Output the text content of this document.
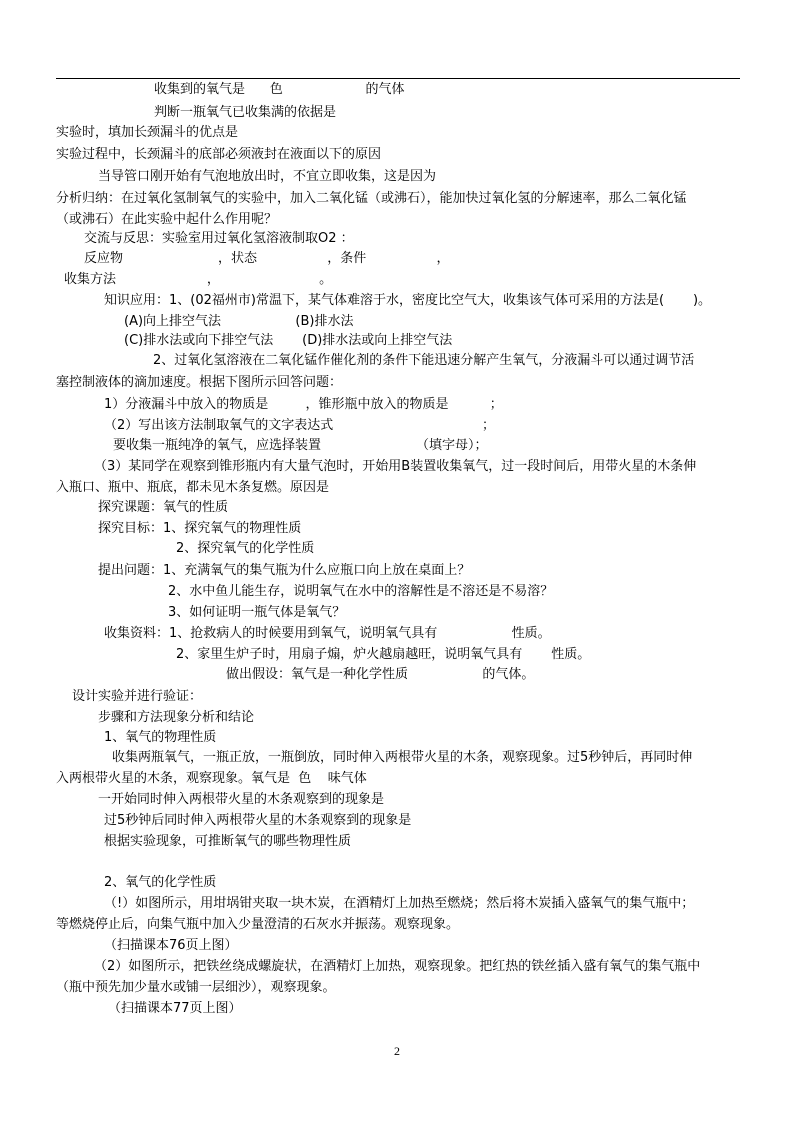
收集到的氧气是      色                    的气体
判断一瓶氧气已收集满的依据是
实验时，填加长颈漏斗的优点是
实验过程中，长颈漏斗的底部必须液封在液面以下的原因
当导管口刚开始有气泡地放出时，不宜立即收集，这是因为
分析归纳：在过氧化氢制氧气的实验中，加入二氧化锰（或沸石），能加快过氧化氢的分解速率，那么二氧化锰
（或沸石）在此实验中起什么作用呢？
交流与反思：实验室用过氧化氢溶液制取O2 ：
反应物                       ，状态                 ，条件                 ，
收集方法                      ，                        。
知识应用：1、(02福州市)常温下，某气体难溶于水，密度比空气大，收集该气体可采用的方法是(       )。
(A)向上排空气法                  (B)排水法
(C)排水法或向下排空气法       (D)排水法或向上排空气法
2、过氧化氢溶液在二氧化锰作催化剂的条件下能迅速分解产生氧气，分液漏斗可以通过调节活
塞控制液体的滴加速度。根据下图所示回答问题：
1）分液漏斗中放入的物质是         ，锥形瓶中放入的物质是          ；
（2）写出该方法制取氧气的文字表达式                                    ；
要收集一瓶纯净的氧气，应选择装置                       （填字母）；
（3）某同学在观察到锥形瓶内有大量气泡时，开始用B装置收集氧气，过一段时间后，用带火星的木条伸
入瓶口、瓶中、瓶底，都未见木条复燃。原因是
探究课题：氧气的性质
探究目标：1、探究氧气的物理性质
2、探究氧气的化学性质
提出问题：1、充满氧气的集气瓶为什么应瓶口向上放在桌面上？
2、水中鱼儿能生存，说明氧气在水中的溶解性是不溶还是不易溶？
3、如何证明一瓶气体是氧气？
收集资料：1、抢救病人的时候要用到氧气，说明氧气具有                  性质。
2、家里生炉子时，用扇子煽，炉火越扇越旺，说明氧气具有       性质。
做出假设：氧气是一种化学性质                  的气体。
设计实验并进行验证：
步骤和方法现象分析和结论
1、氧气的物理性质
收集两瓶氧气，一瓶正放，一瓶倒放，同时伸入两根带火星的木条，观察现象。过5秒钟后，再同时伸
入两根带火星的木条，观察现象。氧气是  色    味气体
一开始同时伸入两根带火星的木条观察到的现象是
过5秒钟后同时伸入两根带火星的木条观察到的现象是
根据实验现象，可推断氧气的哪些物理性质
2、氧气的化学性质
（!）如图所示，用坩埚钳夹取一块木炭，在酒精灯上加热至燃烧；然后将木炭插入盛氧气的集气瓶中；
等燃烧停止后，向集气瓶中加入少量澄清的石灰水并振荡。观察现象。
（扫描课本76页上图）
（2）如图所示，把铁丝绕成螺旋状，在酒精灯上加热，观察现象。把红热的铁丝插入盛有氧气的集气瓶中
（瓶中预先加少量水或铺一层细沙），观察现象。
（扫描课本77页上图）
2
